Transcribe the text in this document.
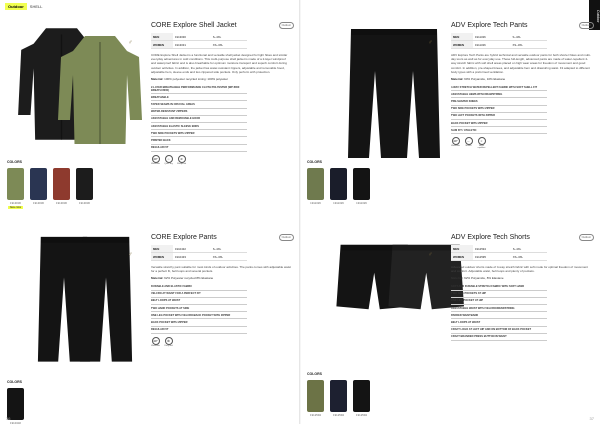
Outdoor	SHELL
♂
COLORS
1913030
New color
1913030	1913030	1913030
CORE Explore Shell Jacket
MEN	1913030	S–4XL
WOMEN	1913031	XS–3XL
CORE Explore Shell Jacket is a functional and versatile shell jacket designed for light hikes and similar everyday adventures in cold conditions. This multi-purpose shell jacket is made of a 2-layer windproof and waterproof fabric and is also breathable for optimum moisture transport and superb comfort during outdoor activities. In addition, the jacket has water-resistant zippers, adjustable and removable hood, adjustable hem, sleeve ends and two zippered side pockets. Only perform with protection.
Material: 100% polyester recycled Lining: 100% polyester
2-LAYER BREATHABLE PERFORMANCE CLOTH POLYESTER (WP 8000 BREATH 8000)
BREATHABLE
TAPED SEAMS IN CRUCIAL AREAS
WATER-RESISTANT ZIPPERS
ADJUSTABLE AND REMOVABLE HOOD
ADJUSTABLE ELASTIC SLEEVE ENDS
TWO SIDE POCKETS WITH ZIPPER
PRINTED BACK
REGULAR FIT
40°
Washable
☼
Quick dry
≋
Windproof
Outdoor
♂
COLORS
1910432
CORE Explore Pants
MEN	1910432	S–4XL
WOMEN	1910433	XS–3XL
Versatile stretchy pant suitable for most kinds of outdoor activities. The pants comes with adjustable waist for a perfect fit, belt loops and several pockets.
Material: 92% Polyester recycled 8% Elastane
DURABLE AND ELASTIC FABRIC
VELCRO AT WAIST FOR A PERFECT FIT
BELT LOOPS AT WAIST
TWO HAND POCKETS AT SIDE
ONE LEG POCKET WITH VELCRO/BACK POCKET WITH ZIPPER
BACK POCKET WITH ZIPPER
REGULAR FIT
40°
Washable
♻
Recycled
Outdoor
36
Outdoor
♂
COLORS
1911326	1911326	1911326
ADV Explore Tech Pants
MEN	1911326	S–4XL
WOMEN	1911326	XS–3XL
ADV Explore Tech Pants are hybrid technical and versatile outdoor pants for both shorter hikes and multi-day tours as well as for everyday use. These full-length, advanced pants are made of water-repellent 4-way stretch fabric with soft shell areas placed on high wear areas for freedom of movement and good comfort. In addition, pre-shaped knees, and adjustable hem and drawstring waist. Fit adapted to different body types with a preformed ventilation.
Material: 90% Polyamide, 10% Elastane
4-WAY STRETCH WATER REPELLENT FABRIC WITH SOFT SHELL FIT
ADJUSTABLE HEMS WITH DRAWSTRING
PRE-SHAPED KNEES
TWO SIDE POCKETS WITH ZIPPER
TWO LEFT POCKETS WITH ZIPPER
BACK POCKET WITH ZIPPER
SLIM FIT / ATHLETIC
40°
Washable
↔
Stretch
≈
Water repellent
Outdoor
♂
COLORS
1912594	1912594	1912594
ADV Explore Tech Shorts
MEN	1912594	S–4XL
WOMEN	1912595	XS–3XL
Advanced outdoor shorts made of 4-way stretch fabric with soft mode for optimal freedom of movement and comfort. Adjustable waist, belt loops and plenty of pockets.
Material: 92% Polyamide, 8% Elastane
SOFT AND DURABLE STRETCH FABRIC WITH SOFT HAND
TWO SIDE POCKETS AT HIP
ONE LEG POCKET AT HIP
ADJUSTABLE WAIST WITH VELCRO/DRAWSTRING
PADDED WAISTBAND
BELT LOOPS AT WAIST
CRAFT LOGO AT LEFT HIP AND ON BOTTOM OF BACK POCKET
CRAFT BRANDED PRESS BUTTON IN WAIST
Outdoor
37
